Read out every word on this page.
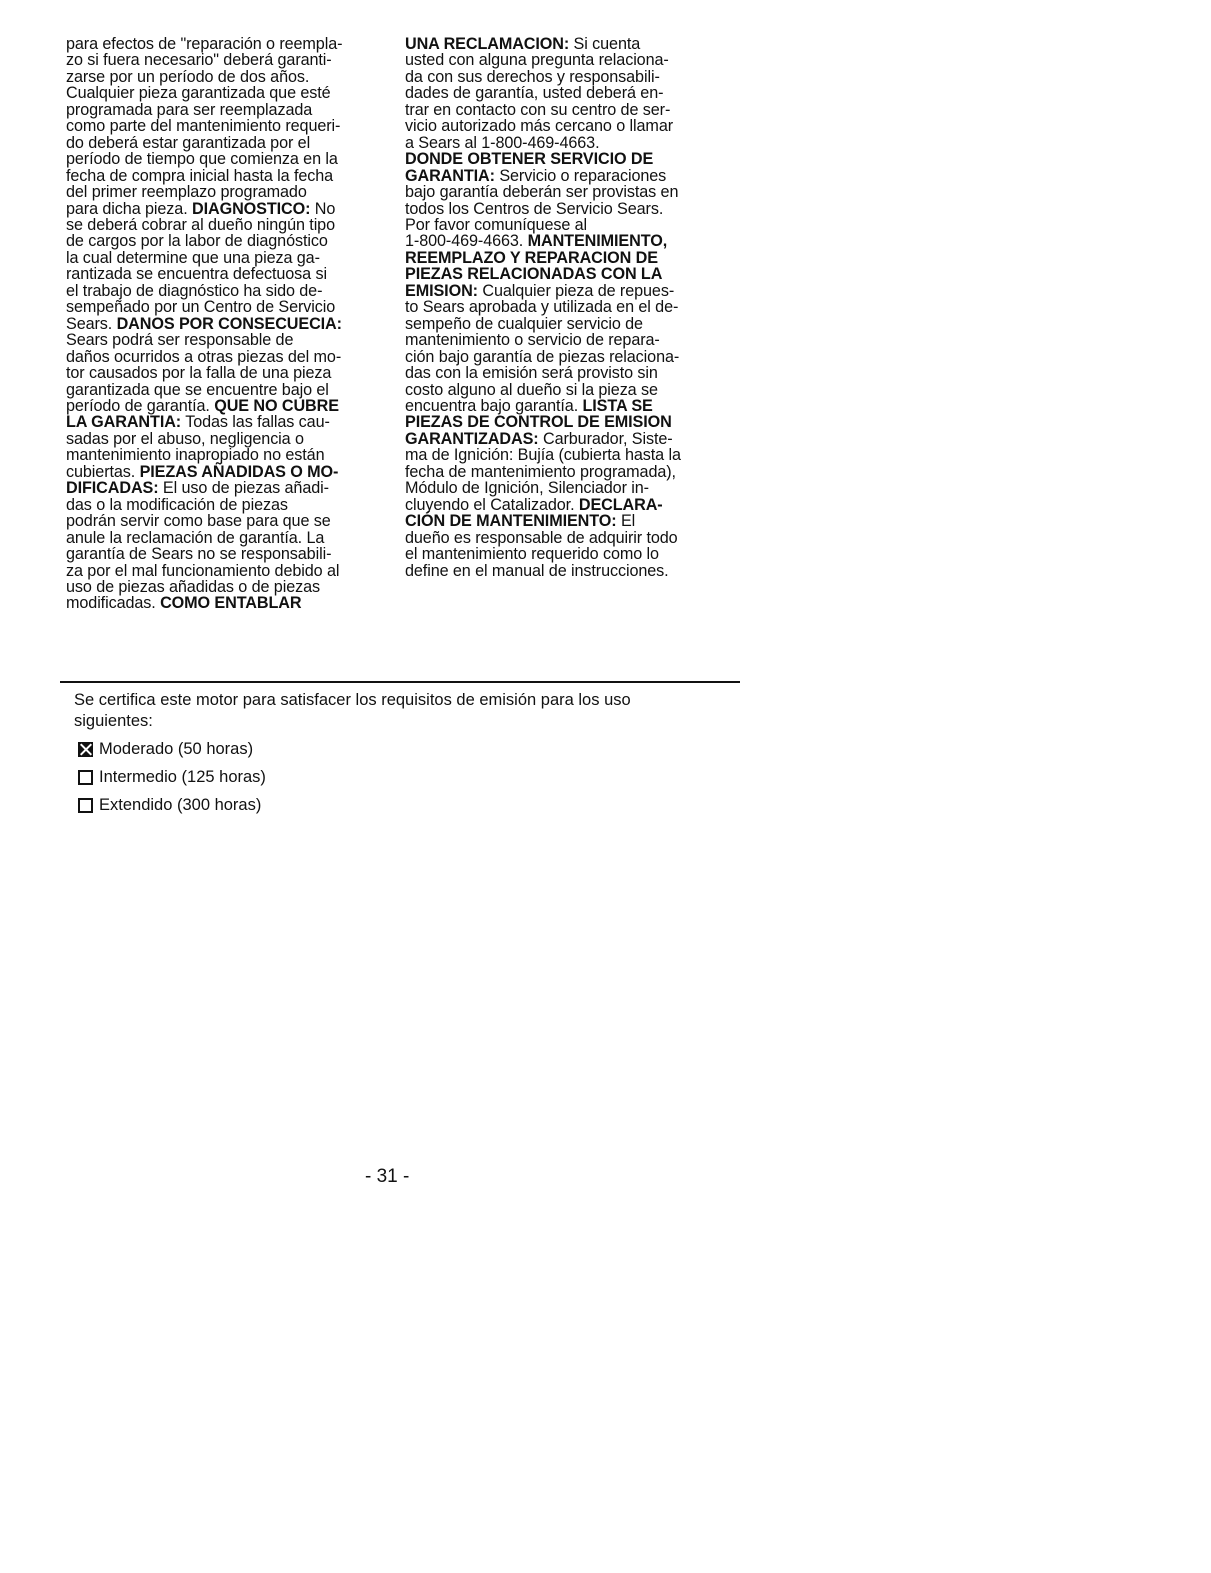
para efectos de "reparación o reempla-
zo si fuera necesario" deberá garanti-
zarse por un período de dos años.
Cualquier pieza garantizada que esté
programada para ser reemplazada
como parte del mantenimiento requeri-
do deberá estar garantizada por el
período de tiempo que comienza en la
fecha de compra inicial hasta la fecha
del primer reemplazo programado
para dicha pieza. DIAGNOSTICO: No
se deberá cobrar al dueño ningún tipo
de cargos por la labor de diagnóstico
la cual determine que una pieza ga-
rantizada se encuentra defectuosa si
el trabajo de diagnóstico ha sido de-
sempeñado por un Centro de Servicio
Sears. DANOS POR CONSECUECIA:
Sears podrá ser responsable de
daños ocurridos a otras piezas del mo-
tor causados por la falla de una pieza
garantizada que se encuentre bajo el
período de garantía. QUE NO CUBRE
LA GARANTIA: Todas las fallas cau-
sadas por el abuso, negligencia o
mantenimiento inapropiado no están
cubiertas. PIEZAS AÑADIDAS O MO-
DIFICADAS: El uso de piezas añadi-
das o la modificación de piezas
podrán servir como base para que se
anule la reclamación de garantía. La
garantía de Sears no se responsabili-
za por el mal funcionamiento debido al
uso de piezas añadidas o de piezas
modificadas. COMO ENTABLAR
UNA RECLAMACION: Si cuenta
usted con alguna pregunta relaciona-
da con sus derechos y responsabili-
dades de garantía, usted deberá en-
trar en contacto con su centro de ser-
vicio autorizado más cercano o llamar
a Sears al 1-800-469-4663.
DONDE OBTENER SERVICIO DE
GARANTIA: Servicio o reparaciones
bajo garantía deberán ser provistas en
todos los Centros de Servicio Sears.
Por favor comuníquese al
1-800-469-4663. MANTENIMIENTO,
REEMPLAZO Y REPARACION DE
PIEZAS RELACIONADAS CON LA
EMISION: Cualquier pieza de repues-
to Sears aprobada y utilizada en el de-
sempeño de cualquier servicio de
mantenimiento o servicio de repara-
ción bajo garantía de piezas relaciona-
das con la emisión será provisto sin
costo alguno al dueño si la pieza se
encuentra bajo garantía. LISTA SE
PIEZAS DE CONTROL DE EMISION
GARANTIZADAS: Carburador, Siste-
ma de Ignición: Bujía (cubierta hasta la
fecha de mantenimiento programada),
Módulo de Ignición, Silenciador in-
cluyendo el Catalizador. DECLARA-
CIÓN DE MANTENIMIENTO: El
dueño es responsable de adquirir todo
el mantenimiento requerido como lo
define en el manual de instrucciones.
Se certifica este motor para satisfacer los requisitos de emisión para los uso
siguientes:
Moderado (50 horas)
Intermedio (125 horas)
Extendido (300 horas)
- 31 -
